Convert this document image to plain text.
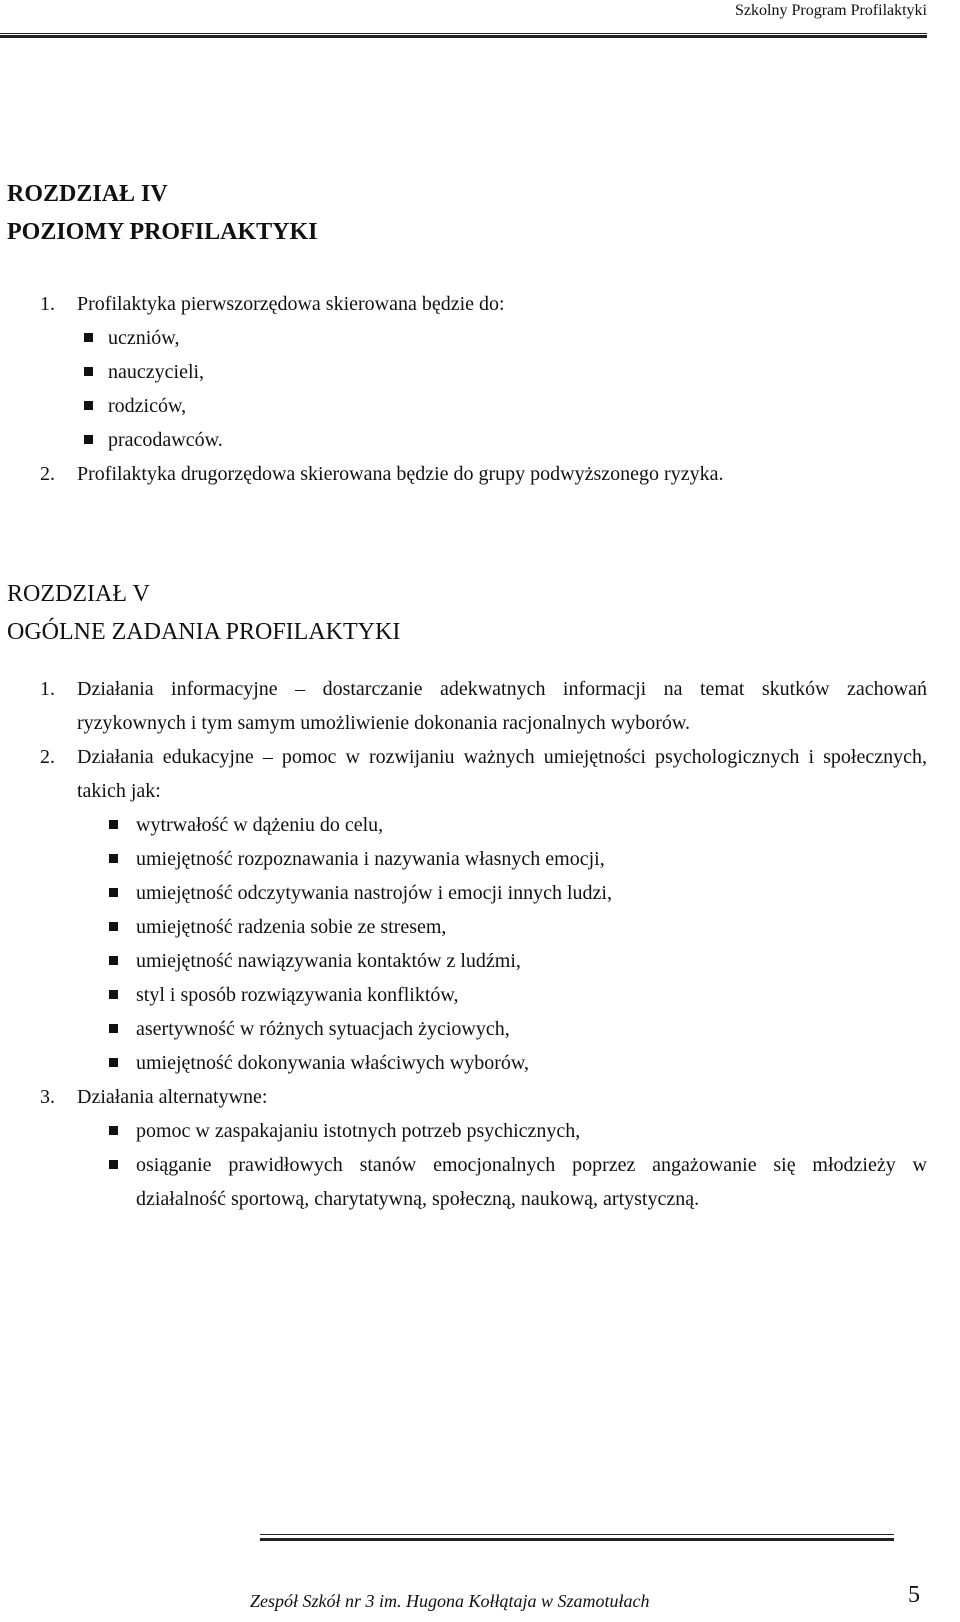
Szkolny Program Profilaktyki
ROZDZIAŁ IV
POZIOMY PROFILAKTYKI
1. Profilaktyka pierwszorzędowa skierowana będzie do:
uczniów,
nauczycieli,
rodziców,
pracodawców.
2. Profilaktyka drugorzędowa skierowana będzie do grupy podwyższonego ryzyka.
ROZDZIAŁ V
OGÓLNE ZADANIA PROFILAKTYKI
1. Działania informacyjne – dostarczanie adekwatnych informacji na temat skutków zachowań ryzykownych i tym samym umożliwienie dokonania racjonalnych wyborów.
2. Działania edukacyjne – pomoc w rozwijaniu ważnych umiejętności psychologicznych i społecznych, takich jak:
wytrwałość w dążeniu do celu,
umiejętność rozpoznawania i nazywania własnych emocji,
umiejętność odczytywania nastrojów i emocji innych ludzi,
umiejętność radzenia sobie ze stresem,
umiejętność nawiązywania kontaktów z ludźmi,
styl i sposób rozwiązywania konfliktów,
asertywność w różnych sytuacjach życiowych,
umiejętność dokonywania właściwych wyborów,
3. Działania alternatywne:
pomoc w zaspakajaniu istotnych potrzeb psychicznych,
osiąganie prawidłowych stanów emocjonalnych poprzez angażowanie się młodzieży w działalność sportową, charytatywną, społeczną, naukową, artystyczną.
Zespół Szkół nr 3 im. Hugona Kołłątaja w Szamotułach	5
